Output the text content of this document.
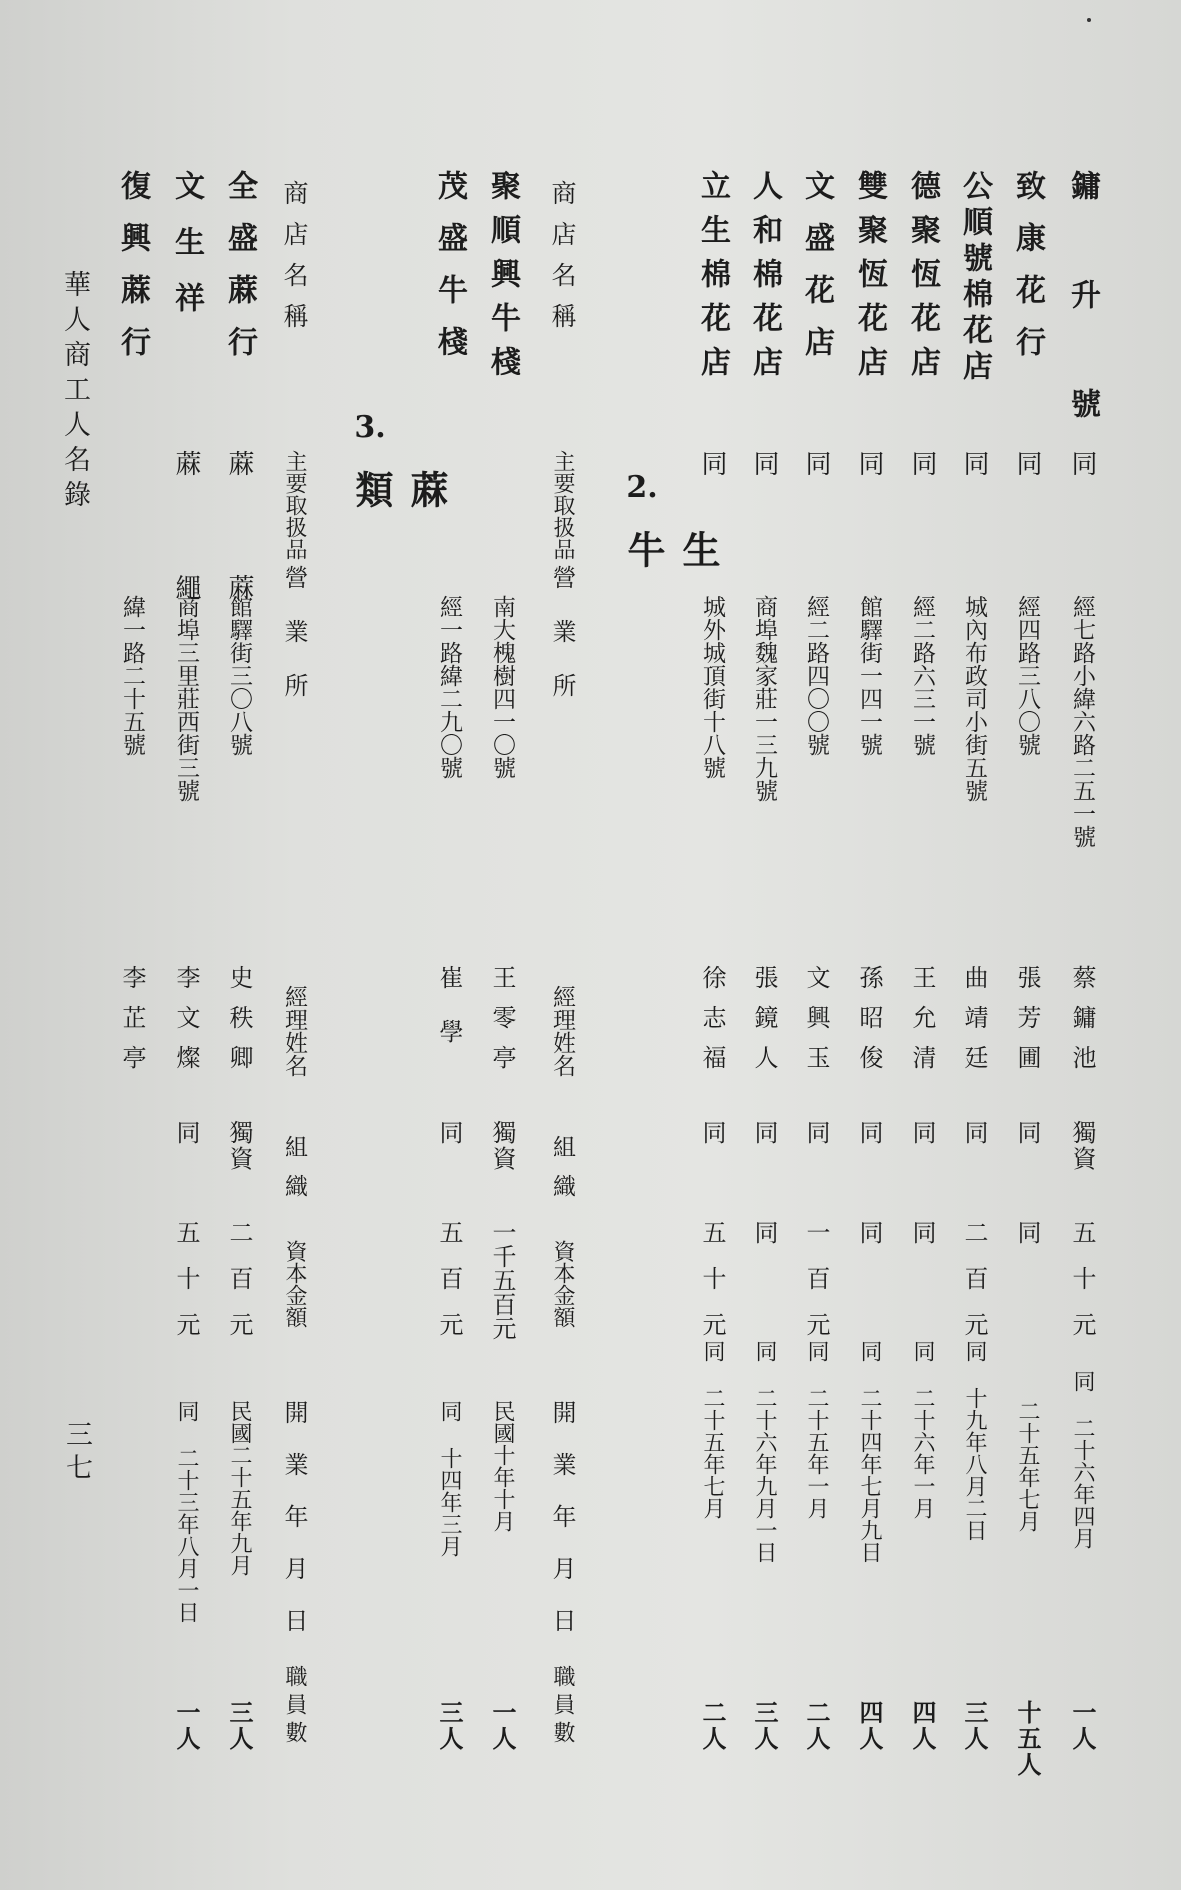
鏞 升 號
同
經七路小緯六路二五一號
蔡鏞池
獨資
五十元
同 二十六年四月
一人
致康花行
同
經四路三八〇號
張芳圃
同
同
二十五年七月
十五人
公順號棉花店
同
城內布政司小街五號
曲靖廷
同
二百元
同 十九年八月二日
三人
德聚恆花店
同
經二路六三一號
王允清
同
同
同 二十六年一月
四人
雙聚恆花店
同
館驛街一四一號
孫昭俊
同
同
同 二十四年七月九日
四人
文盛花店
同
經二路四〇〇號
文興玉
同
一百元
同 二十五年一月
二人
人和棉花店
同
商埠魏家莊一三九號
張鏡人
同
同
同 二十六年九月一日
三人
立生棉花店
同
城外城頂街十八號
徐志福
同
五十元
同 二十五年七月
二人
2.
生牛
商店名稱
主要取扱品
營業所
經理姓名
組織
資本金額
開業年月日
職員數
聚順興牛棧
南大槐樹四一〇號
王零亭
獨資
一千五百元
民國十年十月
一人
茂盛牛棧
經一路緯二九〇號
崔學
同
五百元
同 十四年三月
三人
3.
蔴類
商店名稱
主要取扱品
營業所
經理姓名
組織
資本金額
開業年月日
職員數
全盛蔴行
蔴 蔴
館驛街三〇八號
史秩卿
獨資
二百元
民國二十五年九月
三人
文生祥
蔴 繩
商埠三里莊西街三號
李文燦
同
五十元
同 二十三年八月一日
一人
復興蔴行
緯一路二十五號
李芷亭
華人商工人名錄
三七
